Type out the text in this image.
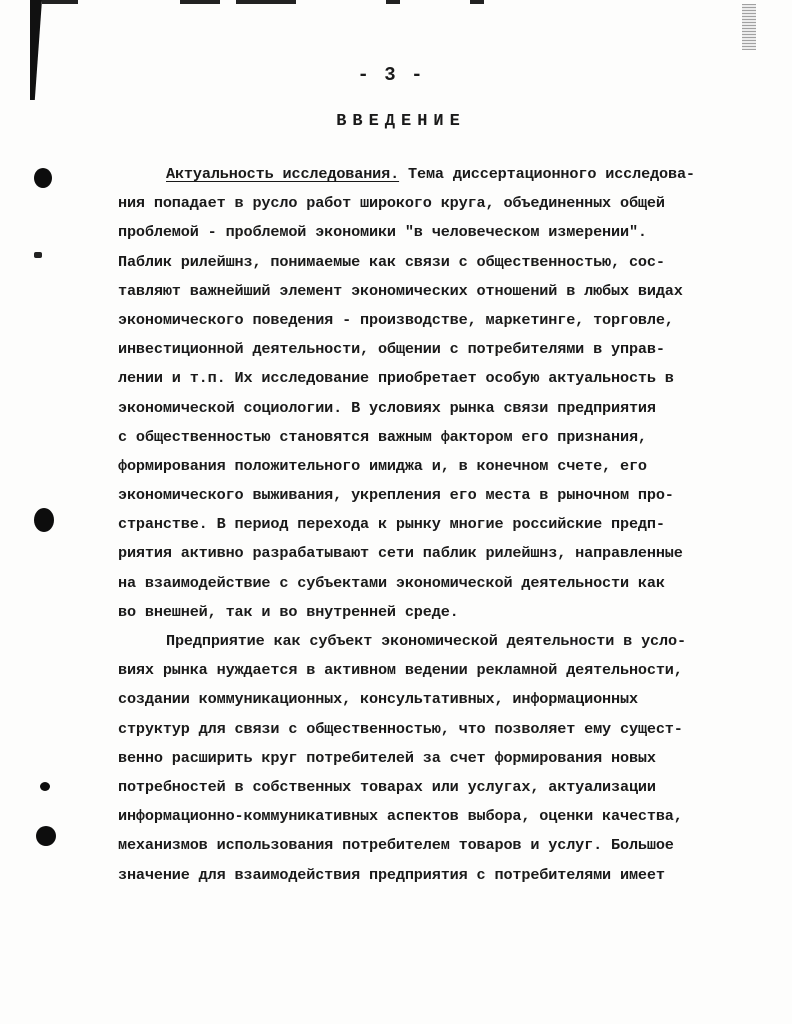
- 3 -
ВВЕДЕНИЕ
Актуальность исследования. Тема диссертационного исследова-
ния попадает в русло работ широкого круга, объединенных общей
проблемой - проблемой экономики "в человеческом измерении".
Паблик рилейшнз, понимаемые как связи с общественностью, сос-
тавляют важнейший элемент экономических отношений в любых видах
экономического поведения - производстве, маркетинге, торговле,
инвестиционной деятельности, общении с потребителями в управ-
лении и т.п. Их исследование приобретает особую актуальность в
экономической социологии. В условиях рынка связи предприятия
с общественностью становятся важным фактором его признания,
формирования положительного имиджа и, в конечном счете, его
экономического выживания, укрепления его места в рыночном про-
странстве. В период перехода к рынку многие российские предп-
риятия активно разрабатывают сети паблик рилейшнз, направленные
на взаимодействие с субъектами экономической деятельности как
во внешней, так и во внутренней среде.
Предприятие как субъект экономической деятельности в усло-
виях рынка нуждается в активном ведении рекламной деятельности,
создании коммуникационных, консультативных, информационных
структур для связи с общественностью, что позволяет ему сущест-
венно расширить круг потребителей за счет формирования новых
потребностей в собственных товарах или услугах, актуализации
информационно-коммуникативных аспектов выбора, оценки качества,
механизмов использования потребителем товаров и услуг. Большое
значение для взаимодействия предприятия с потребителями имеет
